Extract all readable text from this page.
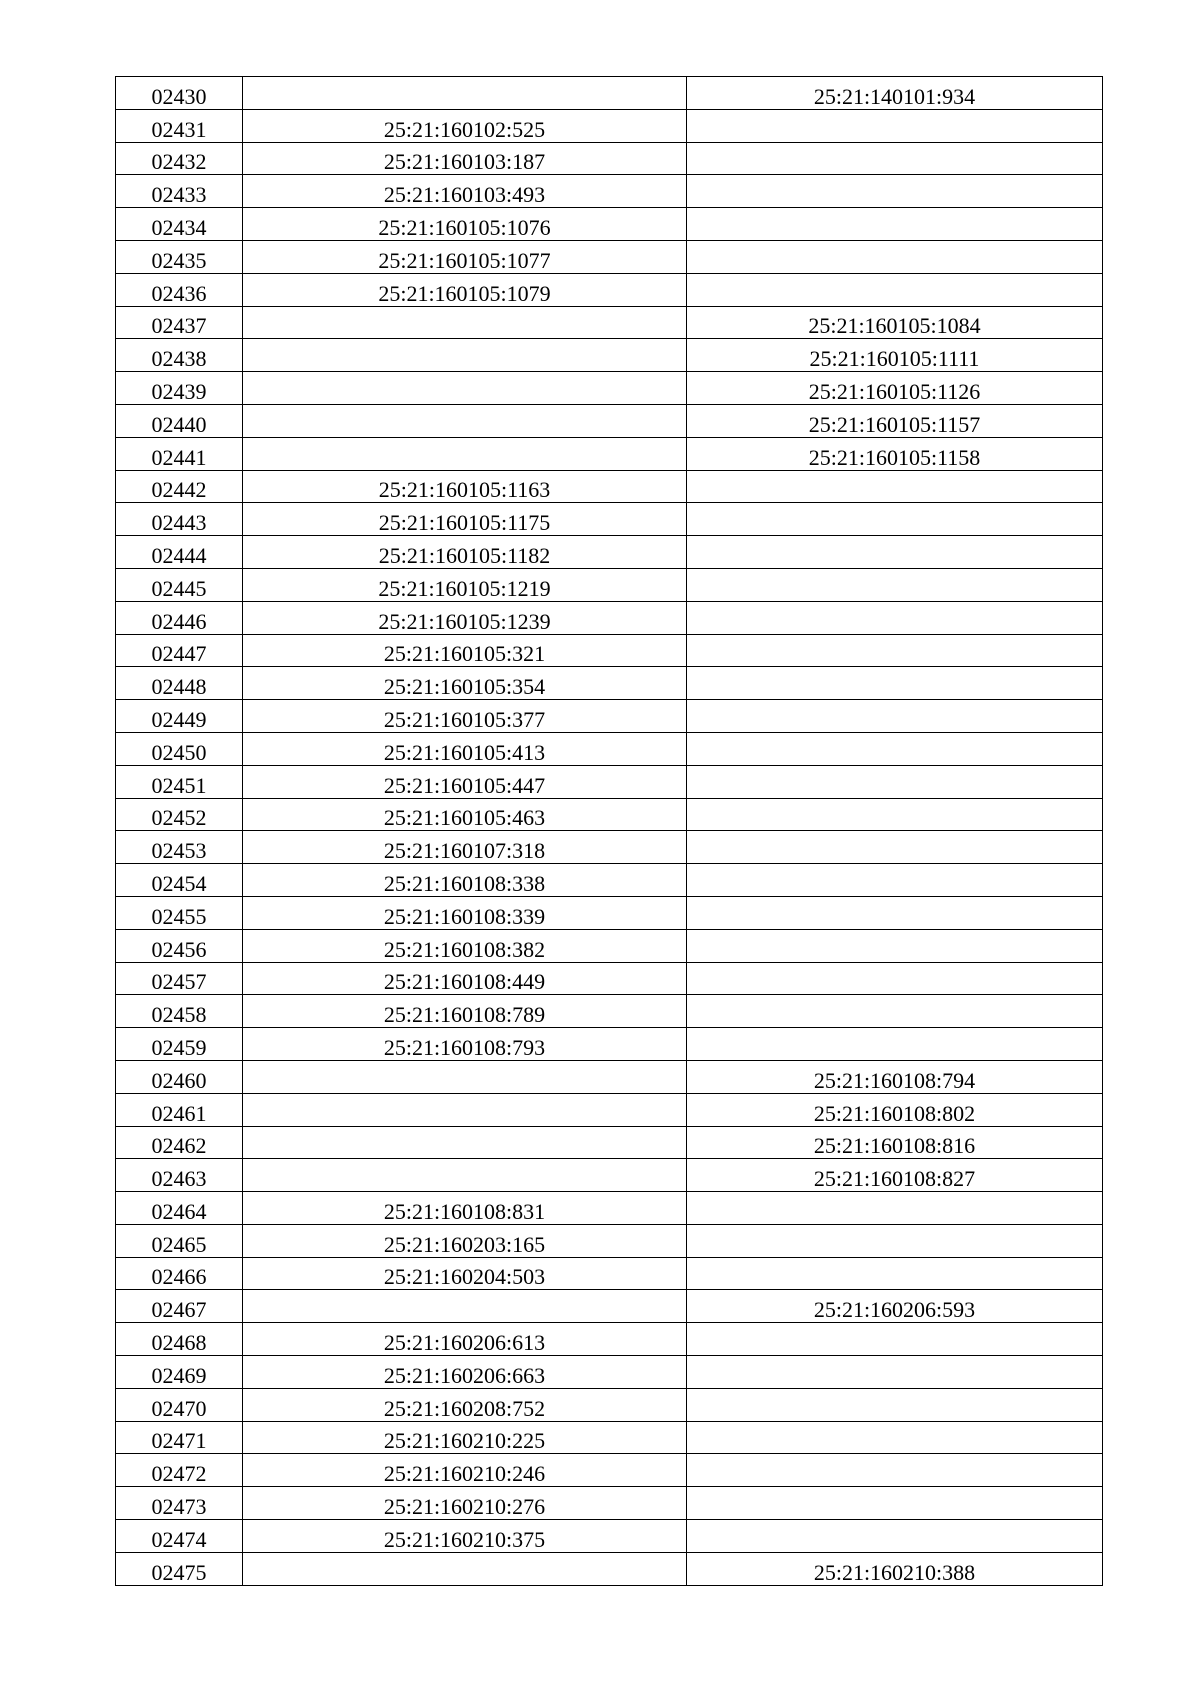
02430		25:21:140101:934
02431	25:21:160102:525	
02432	25:21:160103:187	
02433	25:21:160103:493	
02434	25:21:160105:1076	
02435	25:21:160105:1077	
02436	25:21:160105:1079	
02437		25:21:160105:1084
02438		25:21:160105:1111
02439		25:21:160105:1126
02440		25:21:160105:1157
02441		25:21:160105:1158
02442	25:21:160105:1163	
02443	25:21:160105:1175	
02444	25:21:160105:1182	
02445	25:21:160105:1219	
02446	25:21:160105:1239	
02447	25:21:160105:321	
02448	25:21:160105:354	
02449	25:21:160105:377	
02450	25:21:160105:413	
02451	25:21:160105:447	
02452	25:21:160105:463	
02453	25:21:160107:318	
02454	25:21:160108:338	
02455	25:21:160108:339	
02456	25:21:160108:382	
02457	25:21:160108:449	
02458	25:21:160108:789	
02459	25:21:160108:793	
02460		25:21:160108:794
02461		25:21:160108:802
02462		25:21:160108:816
02463		25:21:160108:827
02464	25:21:160108:831	
02465	25:21:160203:165	
02466	25:21:160204:503	
02467		25:21:160206:593
02468	25:21:160206:613	
02469	25:21:160206:663	
02470	25:21:160208:752	
02471	25:21:160210:225	
02472	25:21:160210:246	
02473	25:21:160210:276	
02474	25:21:160210:375	
02475		25:21:160210:388
